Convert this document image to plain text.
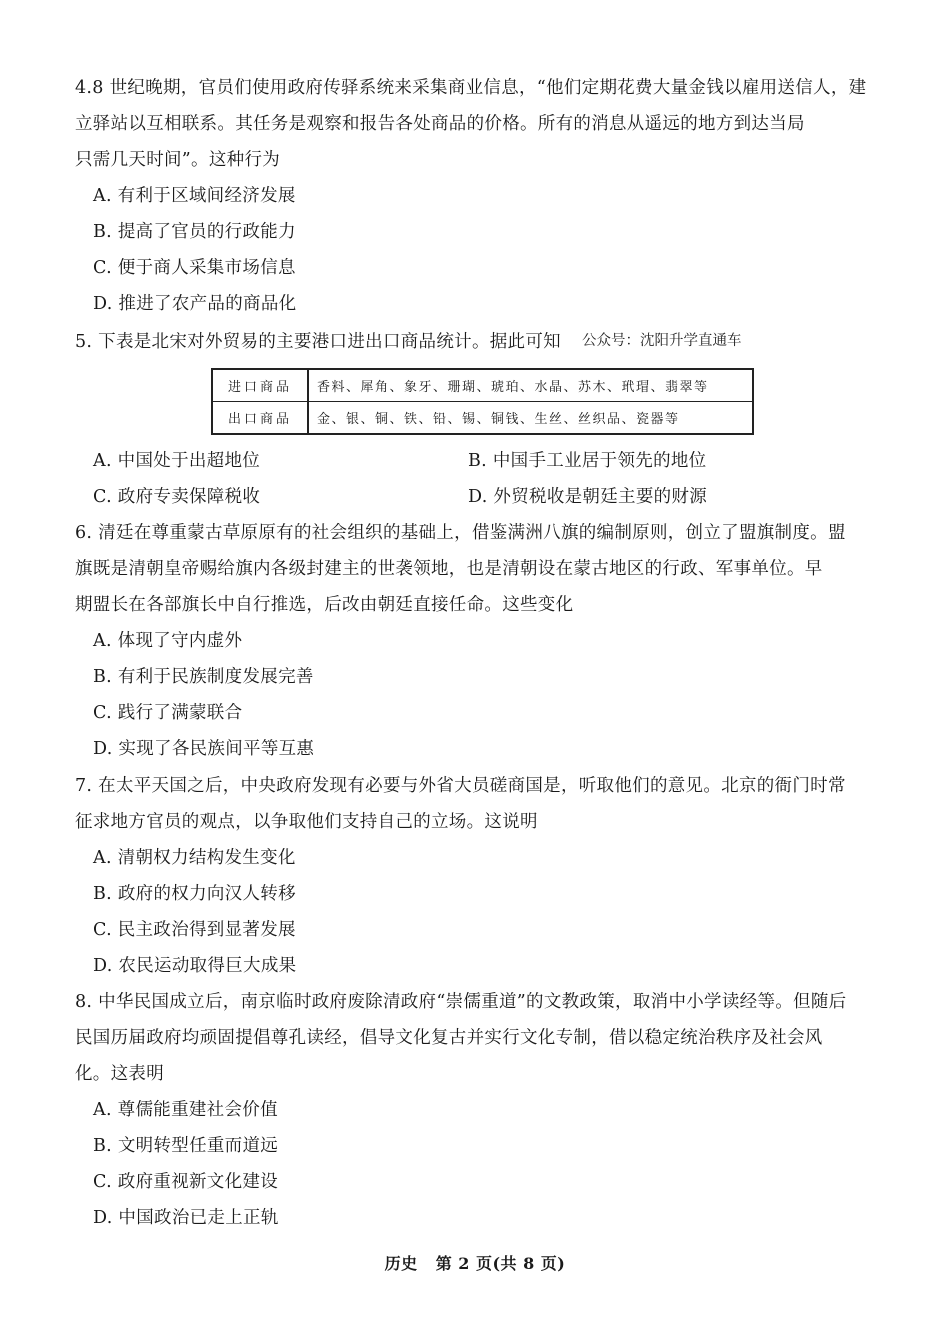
4.8 世纪晚期，官员们使用政府传驿系统来采集商业信息，“他们定期花费大量金钱以雇用送信人，建
立驿站以互相联系。其任务是观察和报告各处商品的价格。所有的消息从遥远的地方到达当局
只需几天时间”。这种行为
A. 有利于区域间经济发展
B. 提高了官员的行政能力
C. 便于商人采集市场信息
D. 推进了农产品的商品化
5. 下表是北宋对外贸易的主要港口进出口商品统计。据此可知	公众号：沈阳升学直通车
进口商品	香料、犀角、象牙、珊瑚、琥珀、水晶、苏木、玳瑁、翡翠等
出口商品	金、银、铜、铁、铅、锡、铜钱、生丝、丝织品、瓷器等
A. 中国处于出超地位	B. 中国手工业居于领先的地位
C. 政府专卖保障税收	D. 外贸税收是朝廷主要的财源
6. 清廷在尊重蒙古草原原有的社会组织的基础上，借鉴满洲八旗的编制原则，创立了盟旗制度。盟
旗既是清朝皇帝赐给旗内各级封建主的世袭领地，也是清朝设在蒙古地区的行政、军事单位。早
期盟长在各部旗长中自行推选，后改由朝廷直接任命。这些变化
A. 体现了守内虚外
B. 有利于民族制度发展完善
C. 践行了满蒙联合
D. 实现了各民族间平等互惠
7. 在太平天国之后，中央政府发现有必要与外省大员磋商国是，听取他们的意见。北京的衙门时常
征求地方官员的观点，以争取他们支持自己的立场。这说明
A. 清朝权力结构发生变化
B. 政府的权力向汉人转移
C. 民主政治得到显著发展
D. 农民运动取得巨大成果
8. 中华民国成立后，南京临时政府废除清政府“崇儒重道”的文教政策，取消中小学读经等。但随后
民国历届政府均顽固提倡尊孔读经，倡导文化复古并实行文化专制，借以稳定统治秩序及社会风
化。这表明
A. 尊儒能重建社会价值
B. 文明转型任重而道远
C. 政府重视新文化建设
D. 中国政治已走上正轨
历史 第 2 页(共 8 页)
